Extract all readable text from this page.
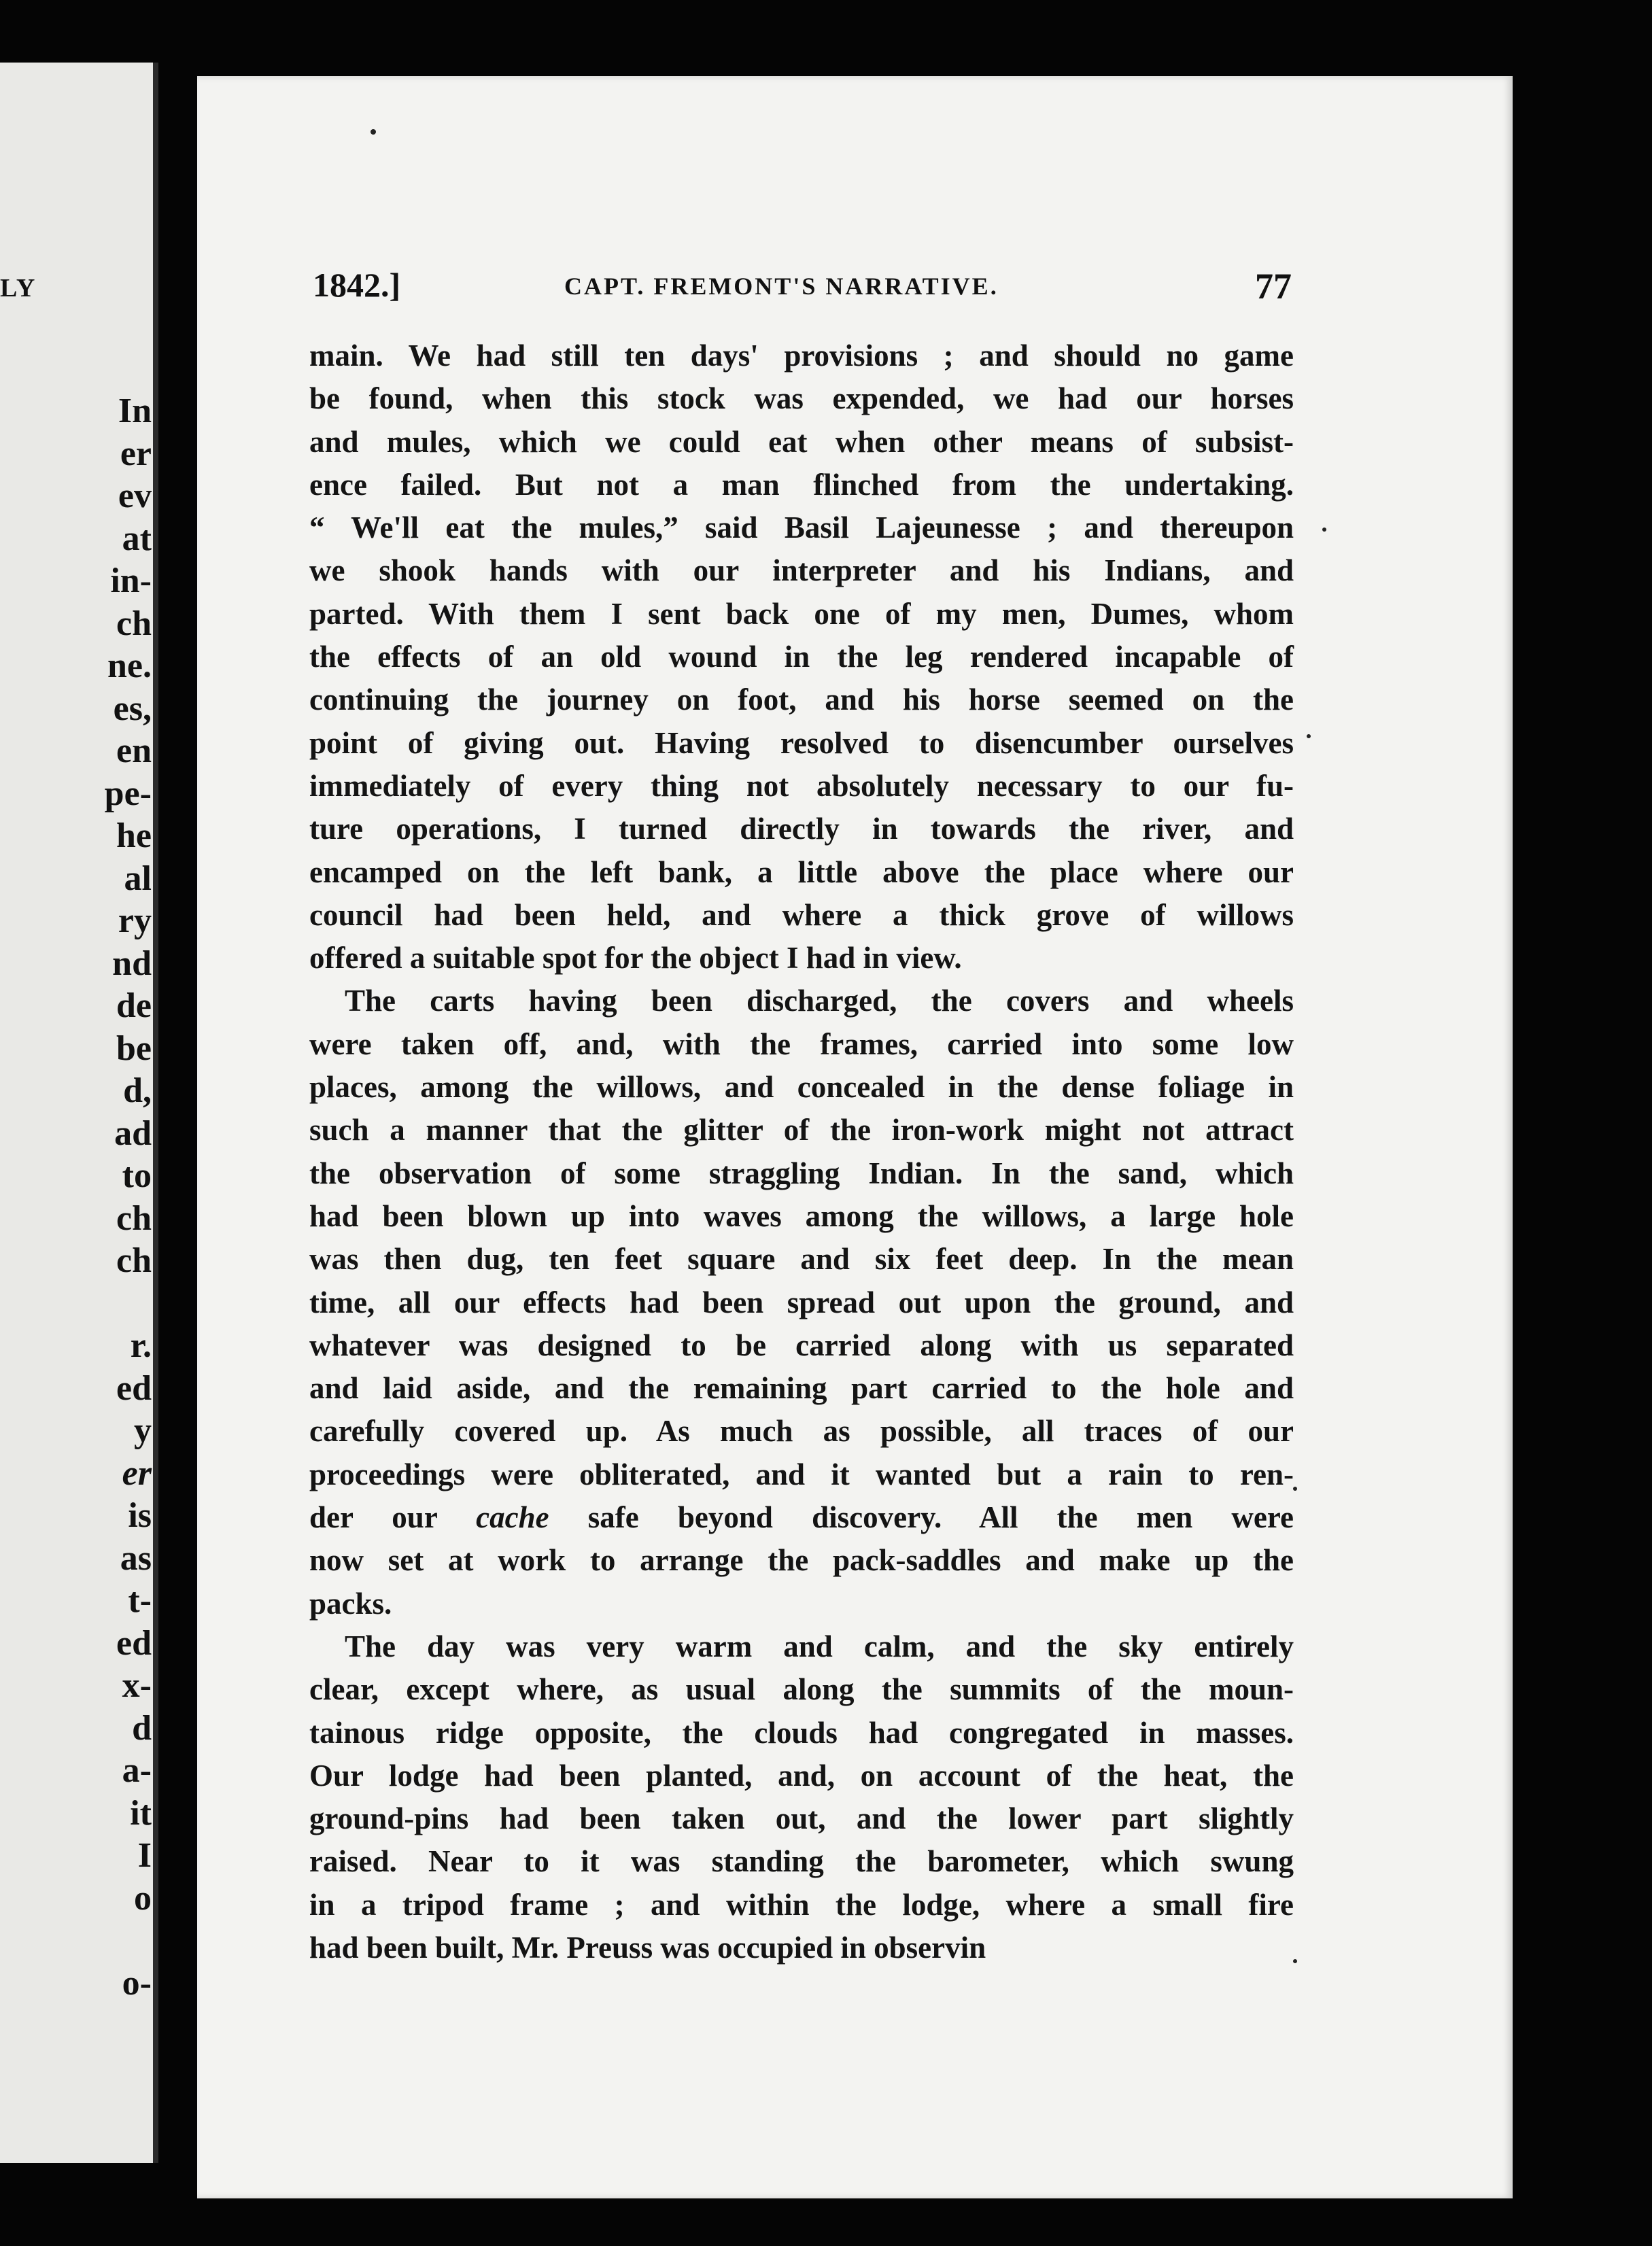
LY
In
er
ev
at
in-
ch
ne.
es,
en
pe-
he
al
ry
nd
de
be
d,
ad
to
ch
ch
r.
ed
y
er
is
as
t-
ed
x-
d
a-
it
I
o
o-
1842.]	CAPT. FREMONT'S NARRATIVE.	77
main. We had still ten days' provisions ; and should no game
be found, when this stock was expended, we had our horses
and mules, which we could eat when other means of subsist-
ence failed. But not a man flinched from the undertaking.
“ We'll eat the mules,” said Basil Lajeunesse ; and thereupon
we shook hands with our interpreter and his Indians, and
parted. With them I sent back one of my men, Dumes, whom
the effects of an old wound in the leg rendered incapable of
continuing the journey on foot, and his horse seemed on the
point of giving out. Having resolved to disencumber ourselves
immediately of every thing not absolutely necessary to our fu-
ture operations, I turned directly in towards the river, and
encamped on the left bank, a little above the place where our
council had been held, and where a thick grove of willows
offered a suitable spot for the object I had in view.
The carts having been discharged, the covers and wheels
were taken off, and, with the frames, carried into some low
places, among the willows, and concealed in the dense foliage in
such a manner that the glitter of the iron-work might not attract
the observation of some straggling Indian. In the sand, which
had been blown up into waves among the willows, a large hole
was then dug, ten feet square and six feet deep. In the mean
time, all our effects had been spread out upon the ground, and
whatever was designed to be carried along with us separated
and laid aside, and the remaining part carried to the hole and
carefully covered up. As much as possible, all traces of our
proceedings were obliterated, and it wanted but a rain to ren-
der our cache safe beyond discovery. All the men were
now set at work to arrange the pack-saddles and make up the
packs.
The day was very warm and calm, and the sky entirely
clear, except where, as usual along the summits of the moun-
tainous ridge opposite, the clouds had congregated in masses.
Our lodge had been planted, and, on account of the heat, the
ground-pins had been taken out, and the lower part slightly
raised. Near to it was standing the barometer, which swung
in a tripod frame ; and within the lodge, where a small fire
had been built, Mr. Preuss was occupied in observin
